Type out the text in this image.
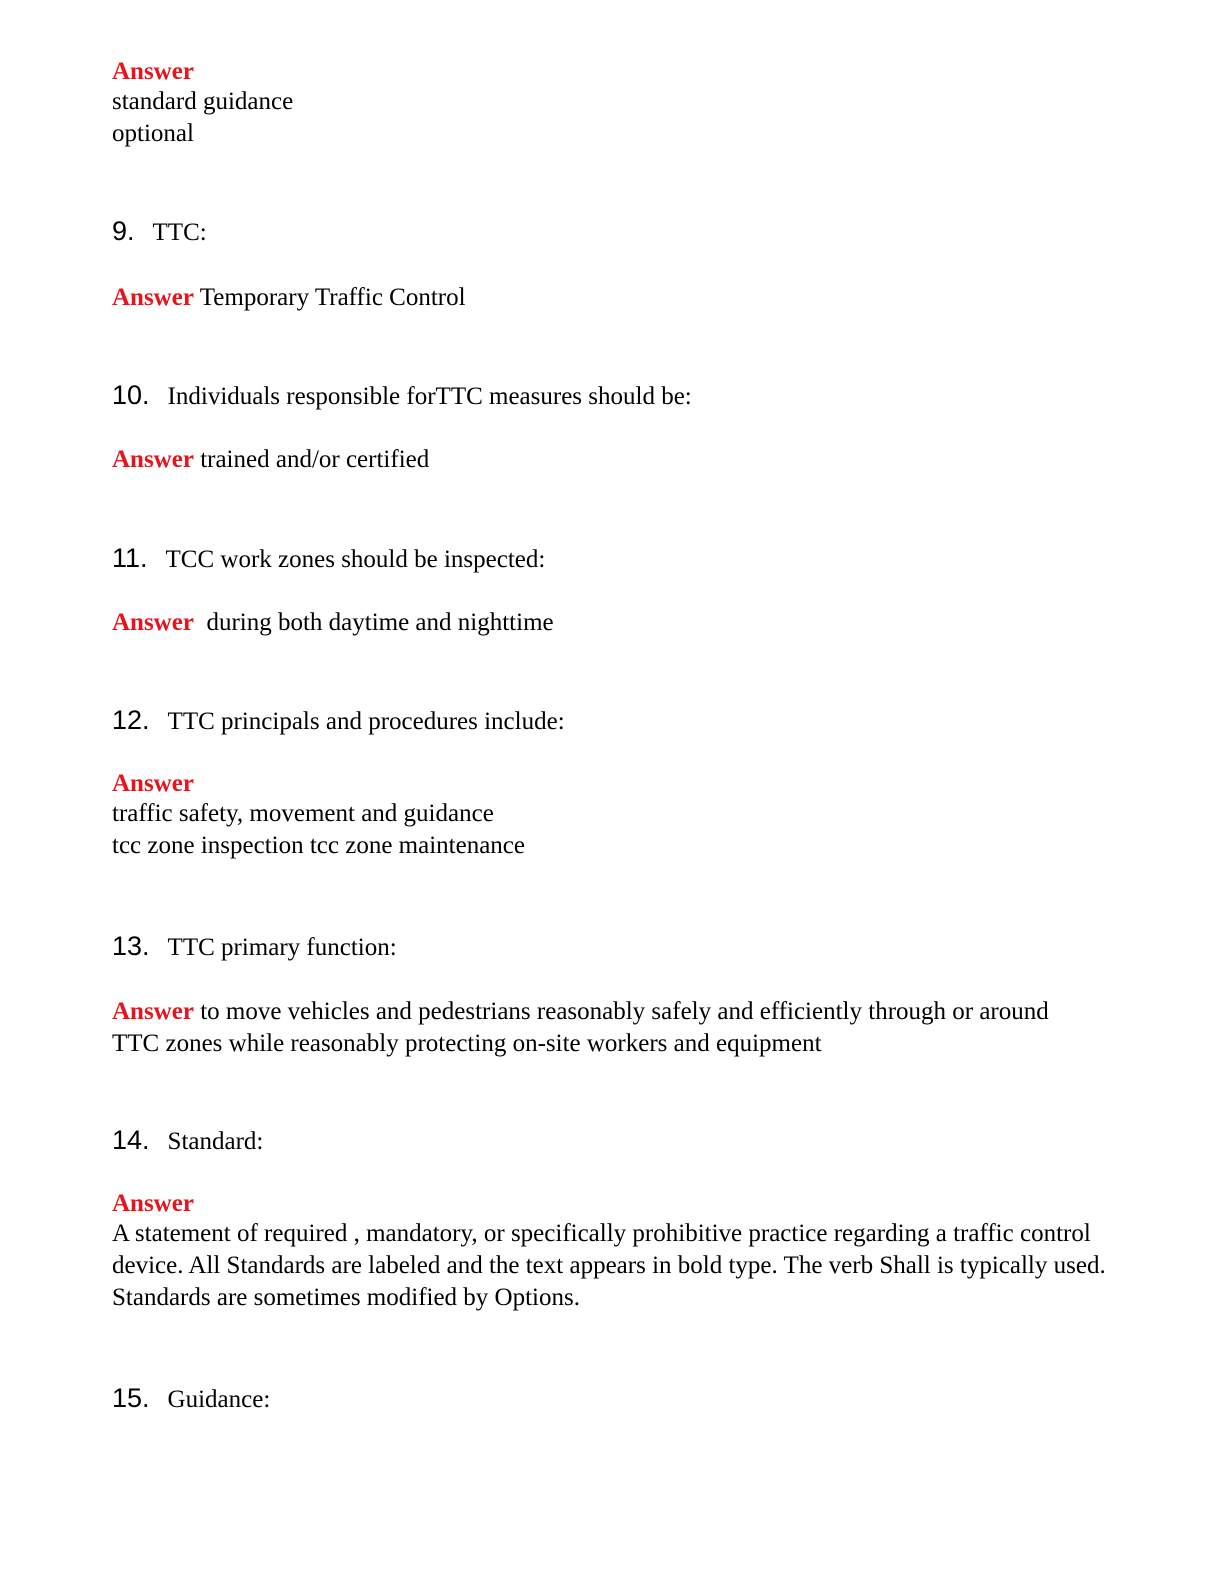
Answer
standard guidance
optional
9. TTC:
Answer Temporary Traffic Control
10. Individuals responsible forTTC measures should be:
Answer trained and/or certified
11. TCC work zones should be inspected:
Answer  during both daytime and nighttime
12. TTC principals and procedures include:
Answer
traffic safety, movement and guidance
tcc zone inspection tcc zone maintenance
13. TTC primary function:
Answer to move vehicles and pedestrians reasonably safely and efficiently through or around TTC zones while reasonably protecting on-site workers and equipment
14. Standard:
Answer
A statement of required , mandatory, or specifically prohibitive practice regarding a traffic control device. All Standards are labeled and the text appears in bold type. The verb Shall is typically used. Standards are sometimes modified by Options.
15. Guidance:
